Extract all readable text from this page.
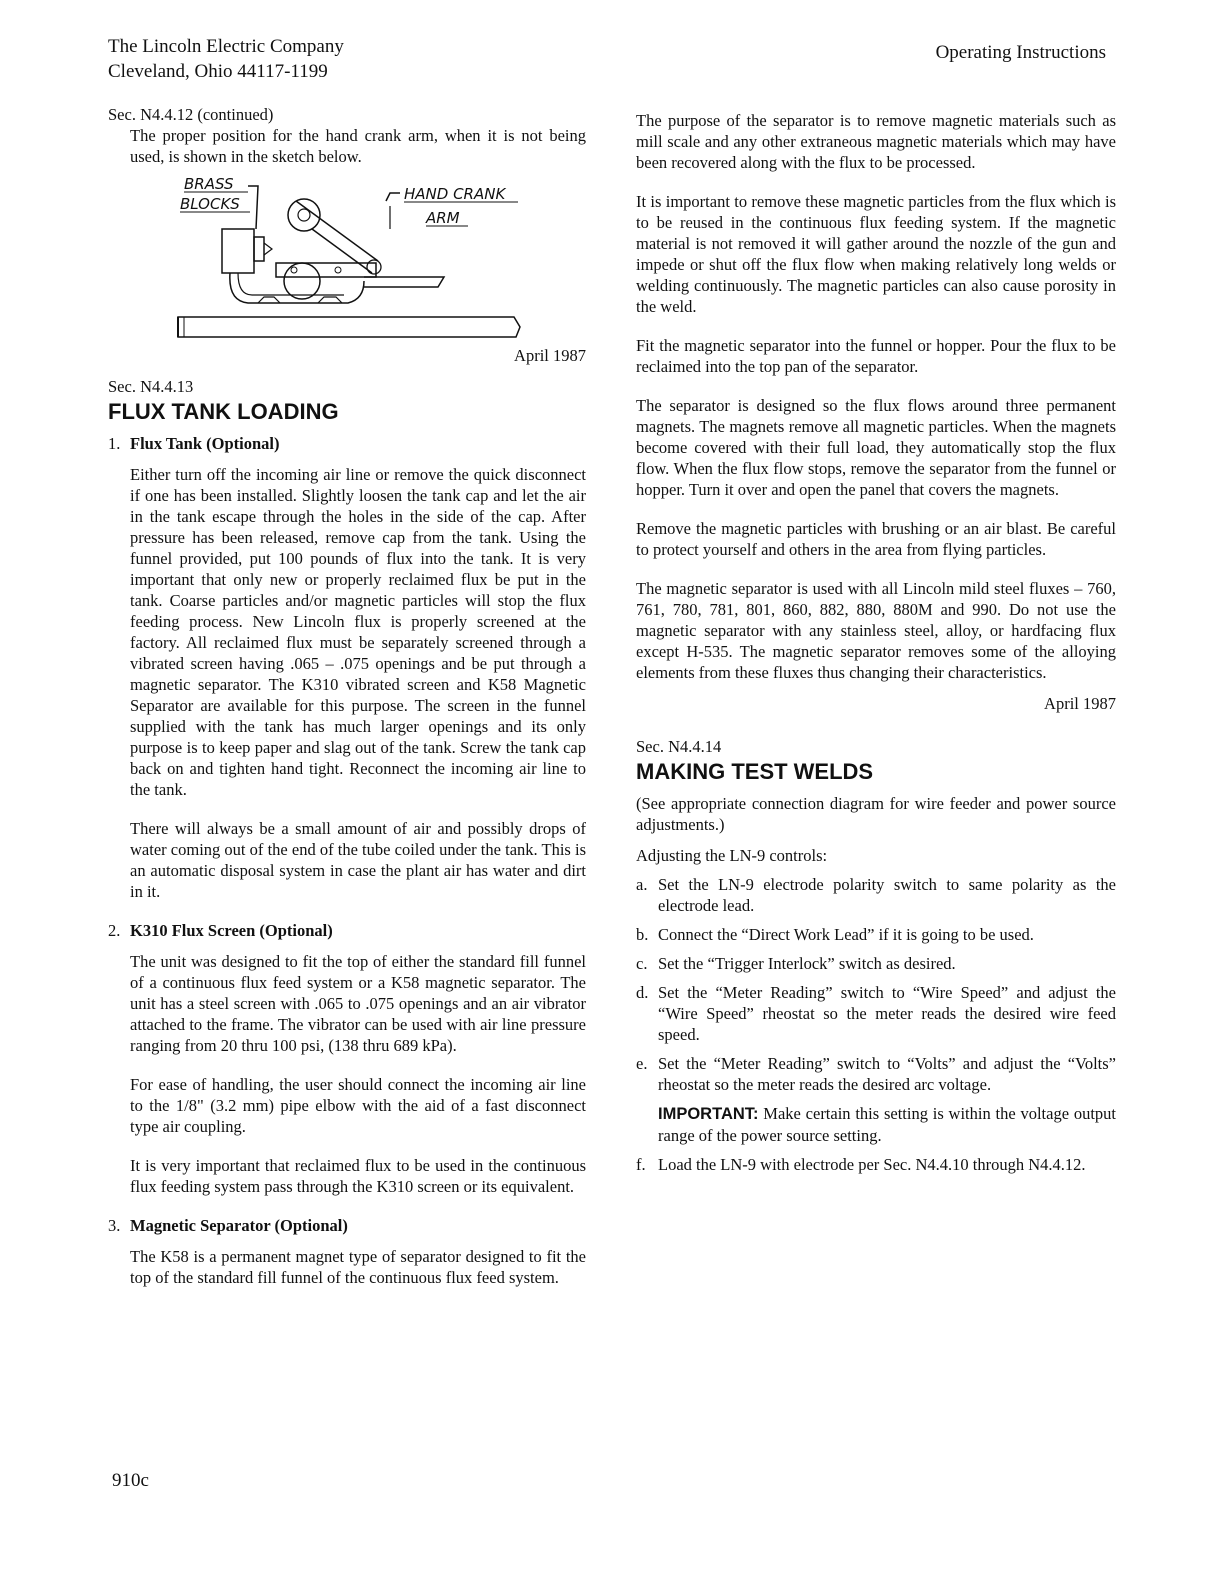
The Lincoln Electric Company
Cleveland, Ohio 44117-1199
Operating Instructions
Sec. N4.4.12 (continued)

The proper position for the hand crank arm, when it is not being used, is shown in the sketch below.

BRASS
BLOCKS
HAND CRANK
ARM
April 1987
Sec. N4.4.13
FLUX TANK LOADING
1. Flux Tank (Optional)

Either turn off the incoming air line or remove the quick disconnect if one has been installed. Slightly loosen the tank cap and let the air in the tank escape through the holes in the side of the cap. After pressure has been released, remove cap from the tank. Using the funnel provided, put 100 pounds of flux into the tank. It is very important that only new or properly reclaimed flux be put in the tank. Coarse particles and/or magnetic particles will stop the flux feeding process. New Lincoln flux is properly screened at the factory. All reclaimed flux must be separately screened through a vibrated screen having .065 – .075 openings and be put through a magnetic separator. The K310 vibrated screen and K58 Magnetic Separator are available for this purpose. The screen in the funnel supplied with the tank has much larger openings and its only purpose is to keep paper and slag out of the tank. Screw the tank cap back on and tighten hand tight. Reconnect the incoming air line to the tank.

There will always be a small amount of air and possibly drops of water coming out of the end of the tube coiled under the tank. This is an automatic disposal system in case the plant air has water and dirt in it.

2. K310 Flux Screen (Optional)

The unit was designed to fit the top of either the standard fill funnel of a continuous flux feed system or a K58 magnetic separator. The unit has a steel screen with .065 to .075 openings and an air vibrator attached to the frame. The vibrator can be used with air line pressure ranging from 20 thru 100 psi, (138 thru 689 kPa).

For ease of handling, the user should connect the incoming air line to the 1/8" (3.2 mm) pipe elbow with the aid of a fast disconnect type air coupling.

It is very important that reclaimed flux to be used in the continuous flux feeding system pass through the K310 screen or its equivalent.

3. Magnetic Separator (Optional)

The K58 is a permanent magnet type of separator designed to fit the top of the standard fill funnel of the continuous flux feed system.

The purpose of the separator is to remove magnetic materials such as mill scale and any other extraneous magnetic materials which may have been recovered along with the flux to be processed.

It is important to remove these magnetic particles from the flux which is to be reused in the continuous flux feeding system. If the magnetic material is not removed it will gather around the nozzle of the gun and impede or shut off the flux flow when making relatively long welds or welding continuously. The magnetic particles can also cause porosity in the weld.

Fit the magnetic separator into the funnel or hopper. Pour the flux to be reclaimed into the top pan of the separator.

The separator is designed so the flux flows around three permanent magnets. The magnets remove all magnetic particles. When the magnets become covered with their full load, they automatically stop the flux flow. When the flux flow stops, remove the separator from the funnel or hopper. Turn it over and open the panel that covers the magnets.

Remove the magnetic particles with brushing or an air blast. Be careful to protect yourself and others in the area from flying particles.

The magnetic separator is used with all Lincoln mild steel fluxes – 760, 761, 780, 781, 801, 860, 882, 880, 880M and 990. Do not use the magnetic separator with any stainless steel, alloy, or hardfacing flux except H-535. The magnetic separator removes some of the alloying elements from these fluxes thus changing their characteristics.

April 1987
Sec. N4.4.14
MAKING TEST WELDS

(See appropriate connection diagram for wire feeder and power source adjustments.)

Adjusting the LN-9 controls:

a. Set the LN-9 electrode polarity switch to same polarity as the electrode lead.
b. Connect the “Direct Work Lead” if it is going to be used.
c. Set the “Trigger Interlock” switch as desired.
d. Set the “Meter Reading” switch to “Wire Speed” and adjust the “Wire Speed” rheostat so the meter reads the desired wire feed speed.
e. Set the “Meter Reading” switch to “Volts” and adjust the “Volts” rheostat so the meter reads the desired arc voltage.
IMPORTANT: Make certain this setting is within the voltage output range of the power source setting.
f. Load the LN-9 with electrode per Sec. N4.4.10 through N4.4.12.
910c
